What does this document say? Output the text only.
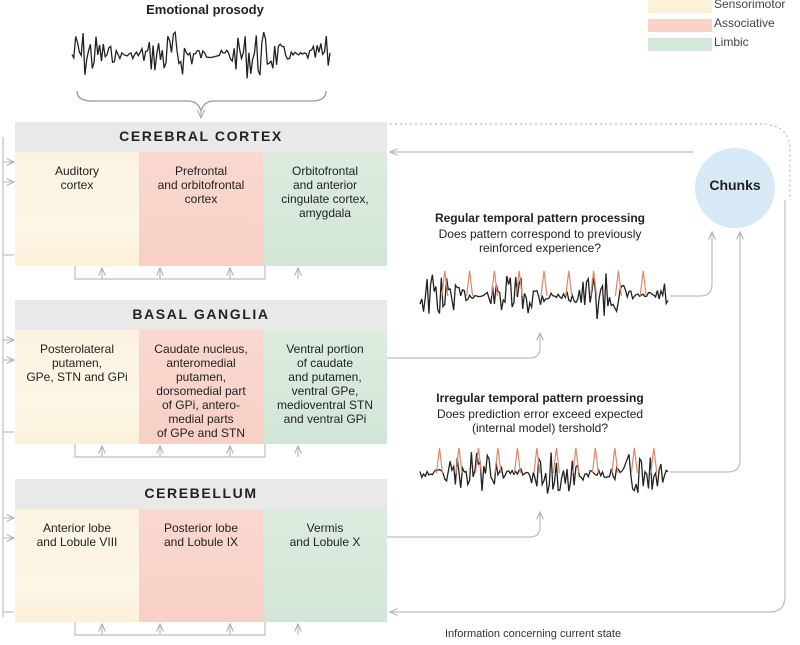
Sensorimotor
Associative
Limbic
Emotional prosody
CEREBRAL CORTEX
Auditory
cortex
Prefrontal
and orbitofrontal
cortex
Orbitofrontal
and anterior
cingulate cortex,
amygdala
BASAL GANGLIA
Posterolateral
putamen,
GPe, STN and GPi
Caudate nucleus,
anteromedial
putamen,
dorsomedial part
of GPi, antero-
medial parts
of GPe and STN
Ventral portion
of caudate
and putamen,
ventral GPe,
medioventral STN
and ventral GPi
CEREBELLUM
Anterior lobe
and Lobule VIII
Posterior lobe
and Lobule IX
Vermis
and Lobule X
Regular temporal pattern processing
Does pattern correspond to previously
reinforced experience?
Irregular temporal pattern proessing
Does prediction error exceed expected
(internal model) tershold?
Chunks
Information concerning current state
